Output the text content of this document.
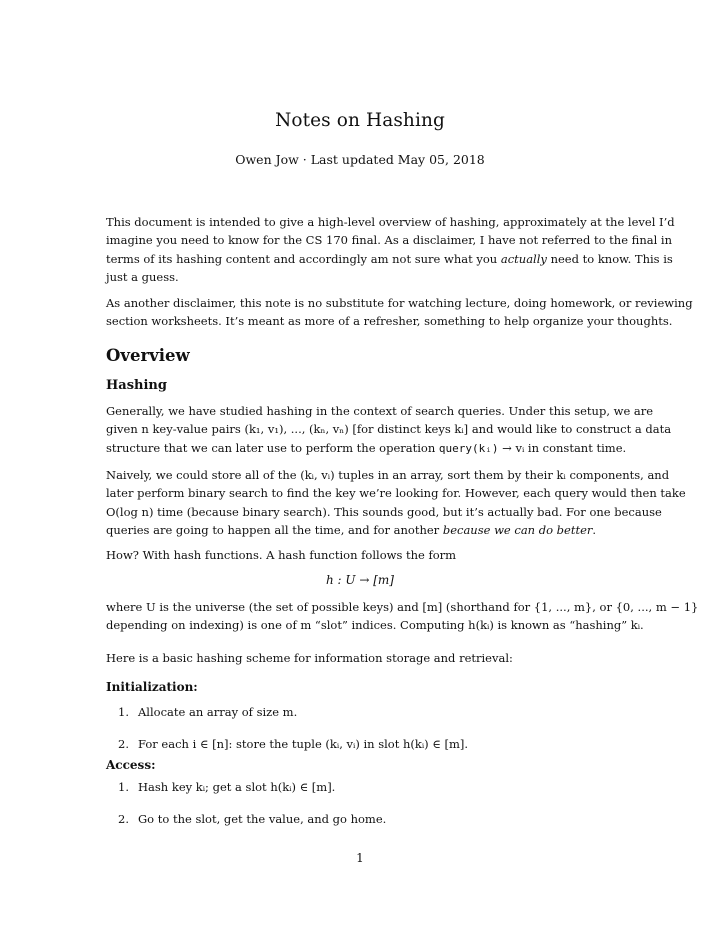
Notes on Hashing
Owen Jow · Last updated May 05, 2018
This document is intended to give a high-level overview of hashing, approximately at the level I’d
imagine you need to know for the CS 170 final. As a disclaimer, I have not referred to the final in
terms of its hashing content and accordingly am not sure what you actually need to know. This is
just a guess.
As another disclaimer, this note is no substitute for watching lecture, doing homework, or reviewing
section worksheets. It’s meant as more of a refresher, something to help organize your thoughts.
Overview
Hashing
Generally, we have studied hashing in the context of search queries. Under this setup, we are
given n key-value pairs (k₁, v₁), ..., (kₙ, vₙ) [for distinct keys kᵢ] and would like to construct a data
structure that we can later use to perform the operation query(kᵢ) → vᵢ in constant time.
Naively, we could store all of the (kᵢ, vᵢ) tuples in an array, sort them by their kᵢ components, and
later perform binary search to find the key we’re looking for. However, each query would then take
O(log n) time (because binary search). This sounds good, but it’s actually bad. For one because
queries are going to happen all the time, and for another because we can do better.
How? With hash functions. A hash function follows the form
h : U → [m]
where U is the universe (the set of possible keys) and [m] (shorthand for {1, ..., m}, or {0, ..., m − 1}
depending on indexing) is one of m “slot” indices. Computing h(kᵢ) is known as “hashing” kᵢ.
Here is a basic hashing scheme for information storage and retrieval:
Initialization:
1. Allocate an array of size m.
2. For each i ∈ [n]: store the tuple (kᵢ, vᵢ) in slot h(kᵢ) ∈ [m].
Access:
1. Hash key kᵢ; get a slot h(kᵢ) ∈ [m].
2. Go to the slot, get the value, and go home.
1
